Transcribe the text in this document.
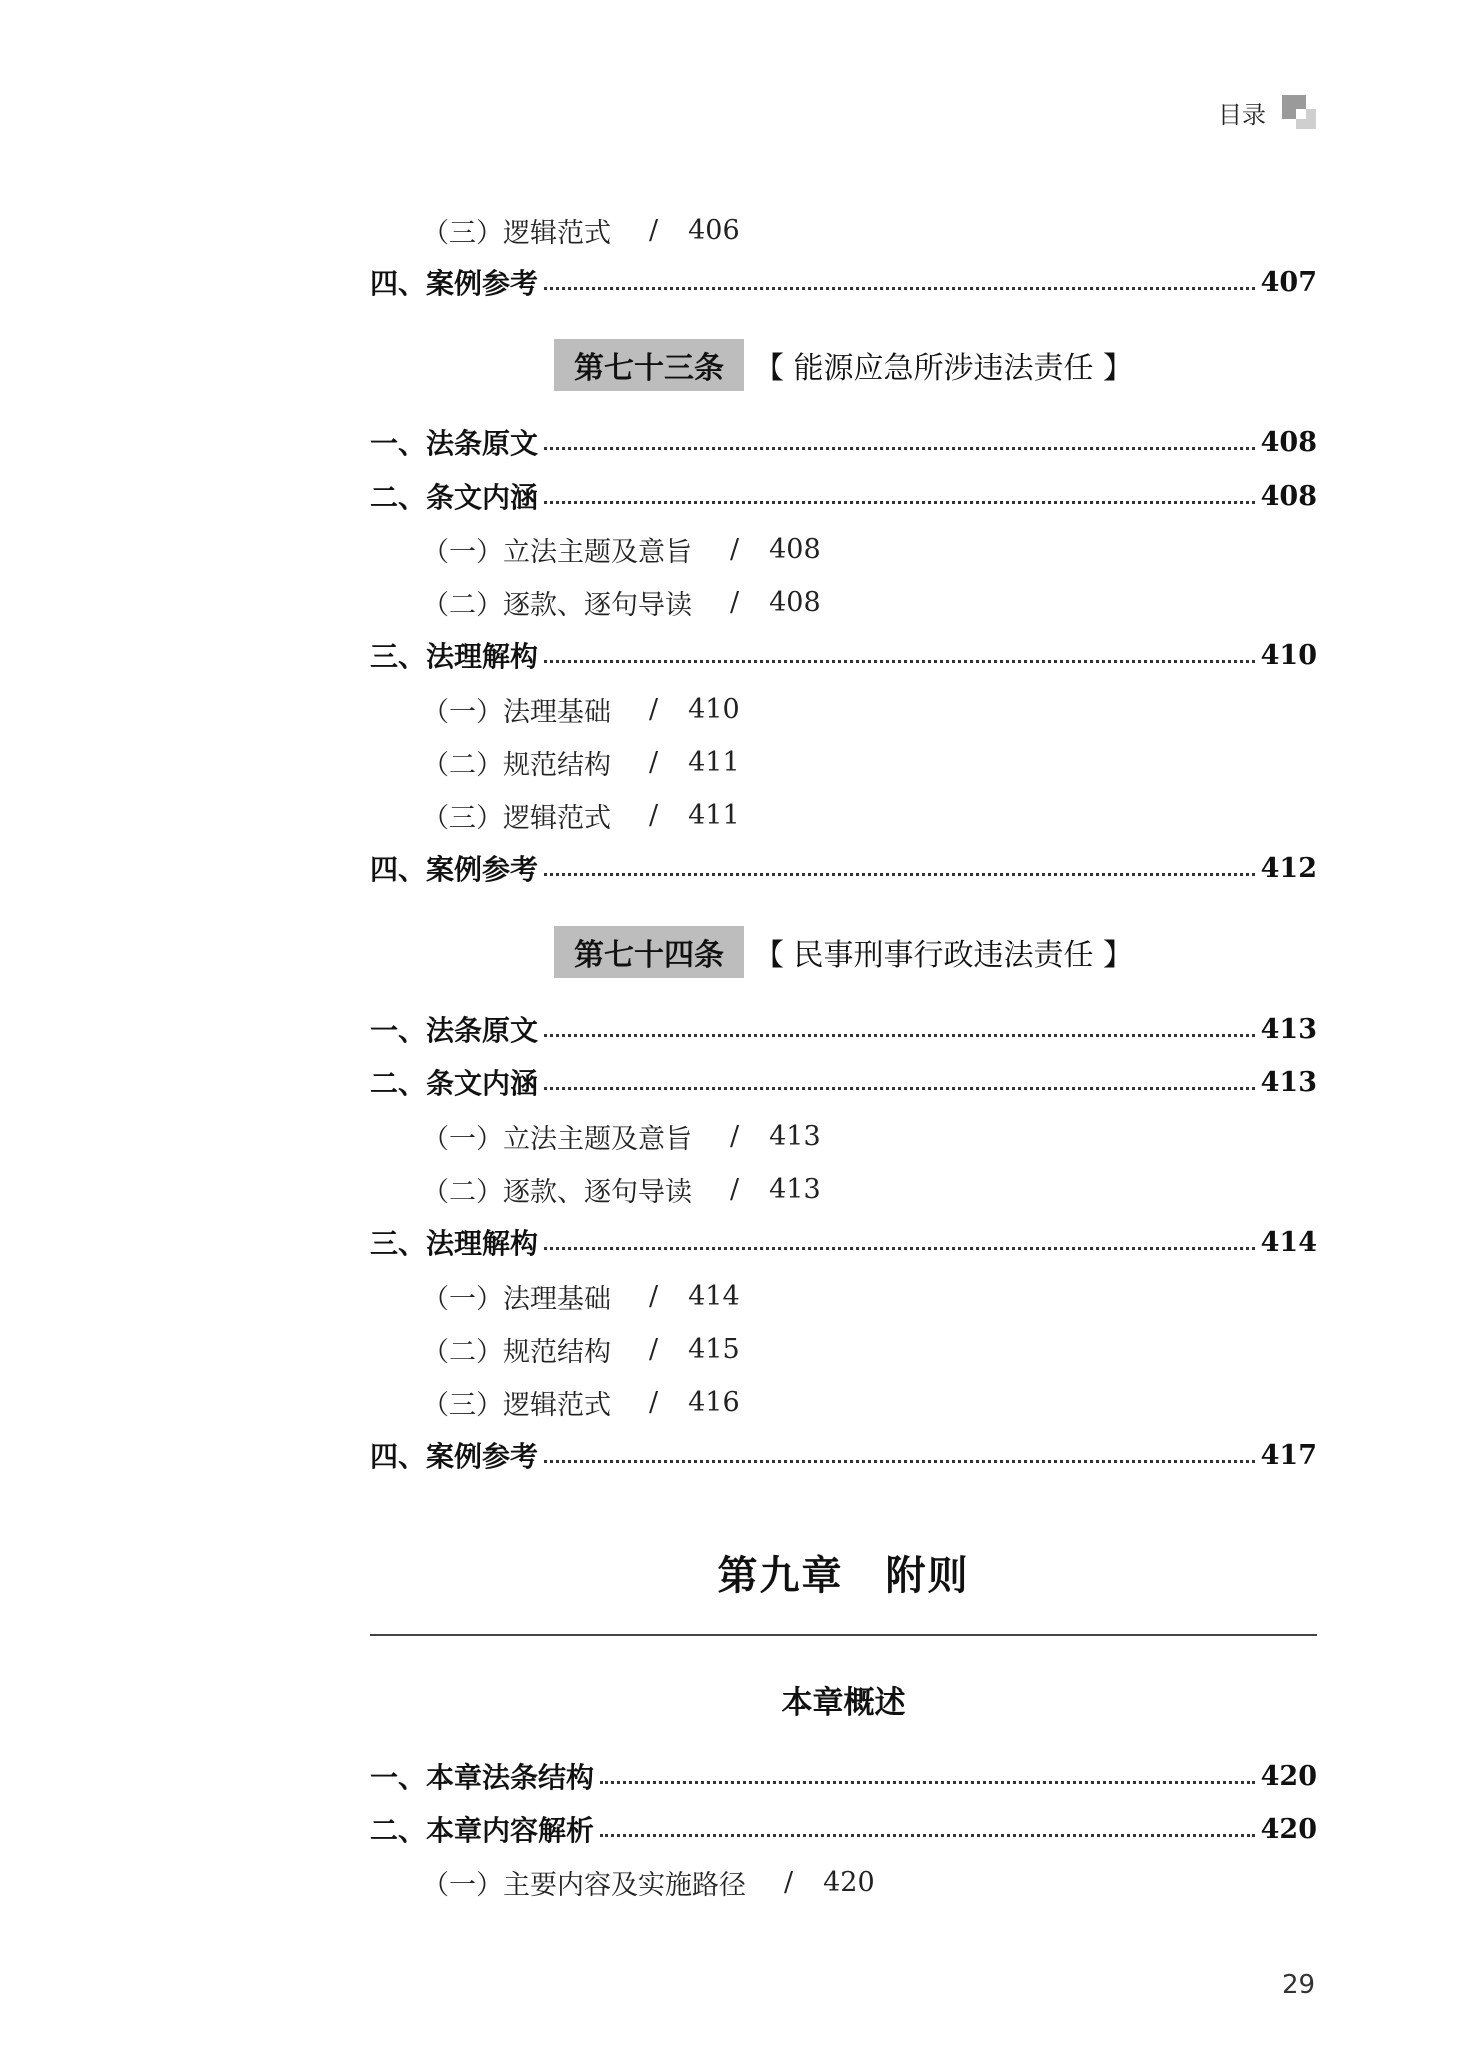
目录
（三）逻辑范式 / 406
四、案例参考	407
第七十三条	【 能源应急所涉违法责任 】
一、法条原文	408
二、条文内涵	408
（一）立法主题及意旨 / 408
（二）逐款、逐句导读 / 408
三、法理解构	410
（一）法理基础 / 410
（二）规范结构 / 411
（三）逻辑范式 / 411
四、案例参考	412
第七十四条	【 民事刑事行政违法责任 】
一、法条原文	413
二、条文内涵	413
（一）立法主题及意旨 / 413
（二）逐款、逐句导读 / 413
三、法理解构	414
（一）法理基础 / 414
（二）规范结构 / 415
（三）逻辑范式 / 416
四、案例参考	417
第九章　附则
本章概述
一、本章法条结构	420
二、本章内容解析	420
（一）主要内容及实施路径 / 420
29
